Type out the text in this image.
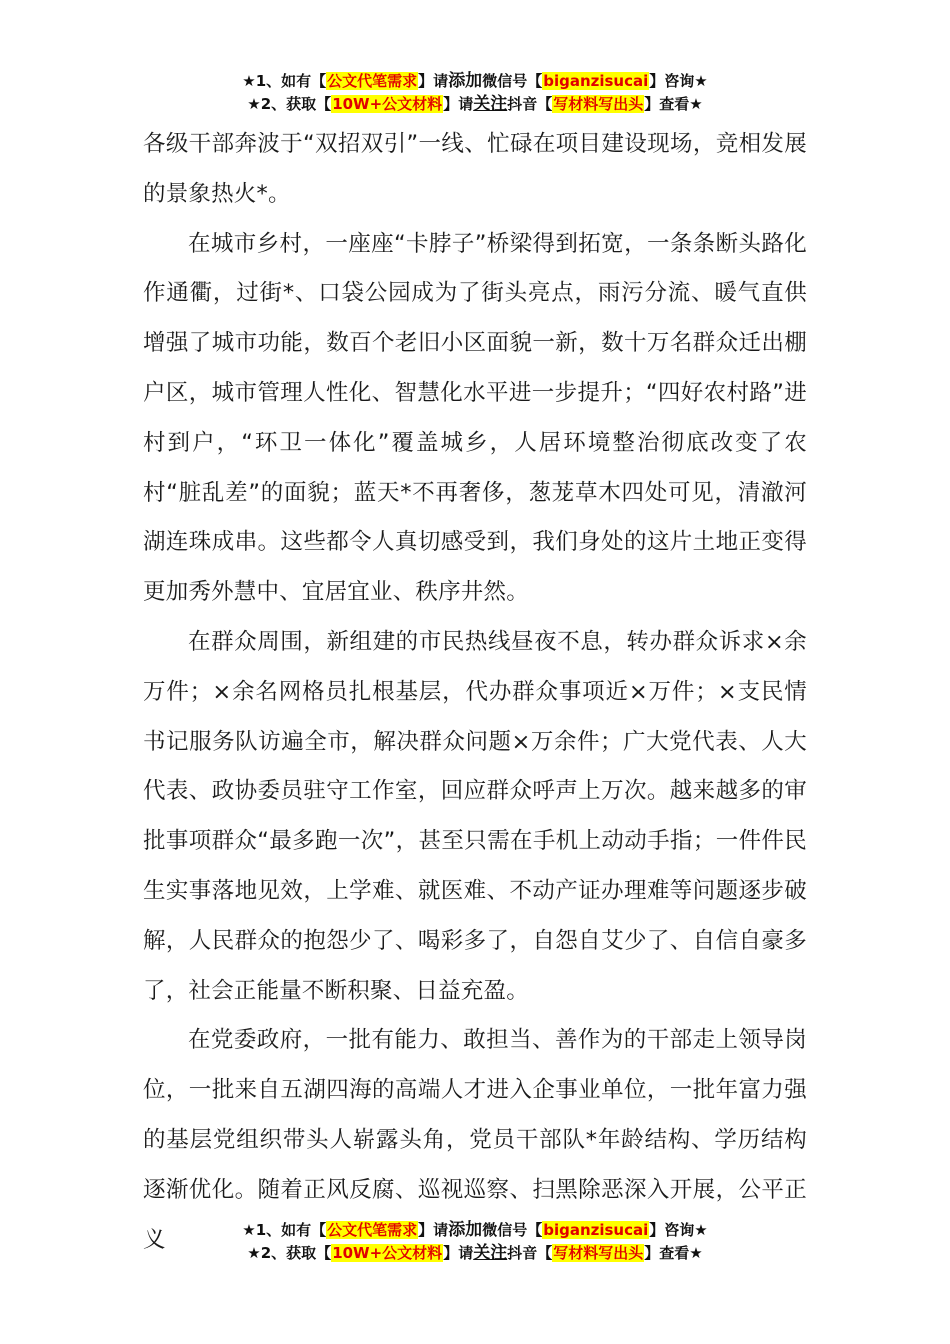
★1、如有【公文代笔需求】请添加微信号【biganzisucai】咨询★
★2、获取【10W+公文材料】请关注抖音【写材料写出头】查看★

各级干部奔波于“双招双引”一线、忙碌在项目建设现场，竞相发展的景象热火*。

在城市乡村，一座座“卡脖子”桥梁得到拓宽，一条条断头路化作通衢，过街*、口袋公园成为了街头亮点，雨污分流、暖气直供增强了城市功能，数百个老旧小区面貌一新，数十万名群众迁出棚户区，城市管理人性化、智慧化水平进一步提升；“四好农村路”进村到户，“环卫一体化”覆盖城乡，人居环境整治彻底改变了农村“脏乱差”的面貌；蓝天*不再奢侈，葱茏草木四处可见，清澈河湖连珠成串。这些都令人真切感受到，我们身处的这片土地正变得更加秀外慧中、宜居宜业、秩序井然。

在群众周围，新组建的市民热线昼夜不息，转办群众诉求×余万件；×余名网格员扎根基层，代办群众事项近×万件；×支民情书记服务队访遍全市，解决群众问题×万余件；广大党代表、人大代表、政协委员驻守工作室，回应群众呼声上万次。越来越多的审批事项群众“最多跑一次”，甚至只需在手机上动动手指；一件件民生实事落地见效，上学难、就医难、不动产证办理难等问题逐步破解，人民群众的抱怨少了、喝彩多了，自怨自艾少了、自信自豪多了，社会正能量不断积聚、日益充盈。

在党委政府，一批有能力、敢担当、善作为的干部走上领导岗位，一批来自五湖四海的高端人才进入企事业单位，一批年富力强的基层党组织带头人崭露头角，党员干部队*年龄结构、学历结构逐渐优化。随着正风反腐、巡视巡察、扫黑除恶深入开展，公平正义	★1、如有【公文代笔需求】请添加微信号【biganzisucai】咨询★
★2、获取【10W+公文材料】请关注抖音【写材料写出头】查看★
